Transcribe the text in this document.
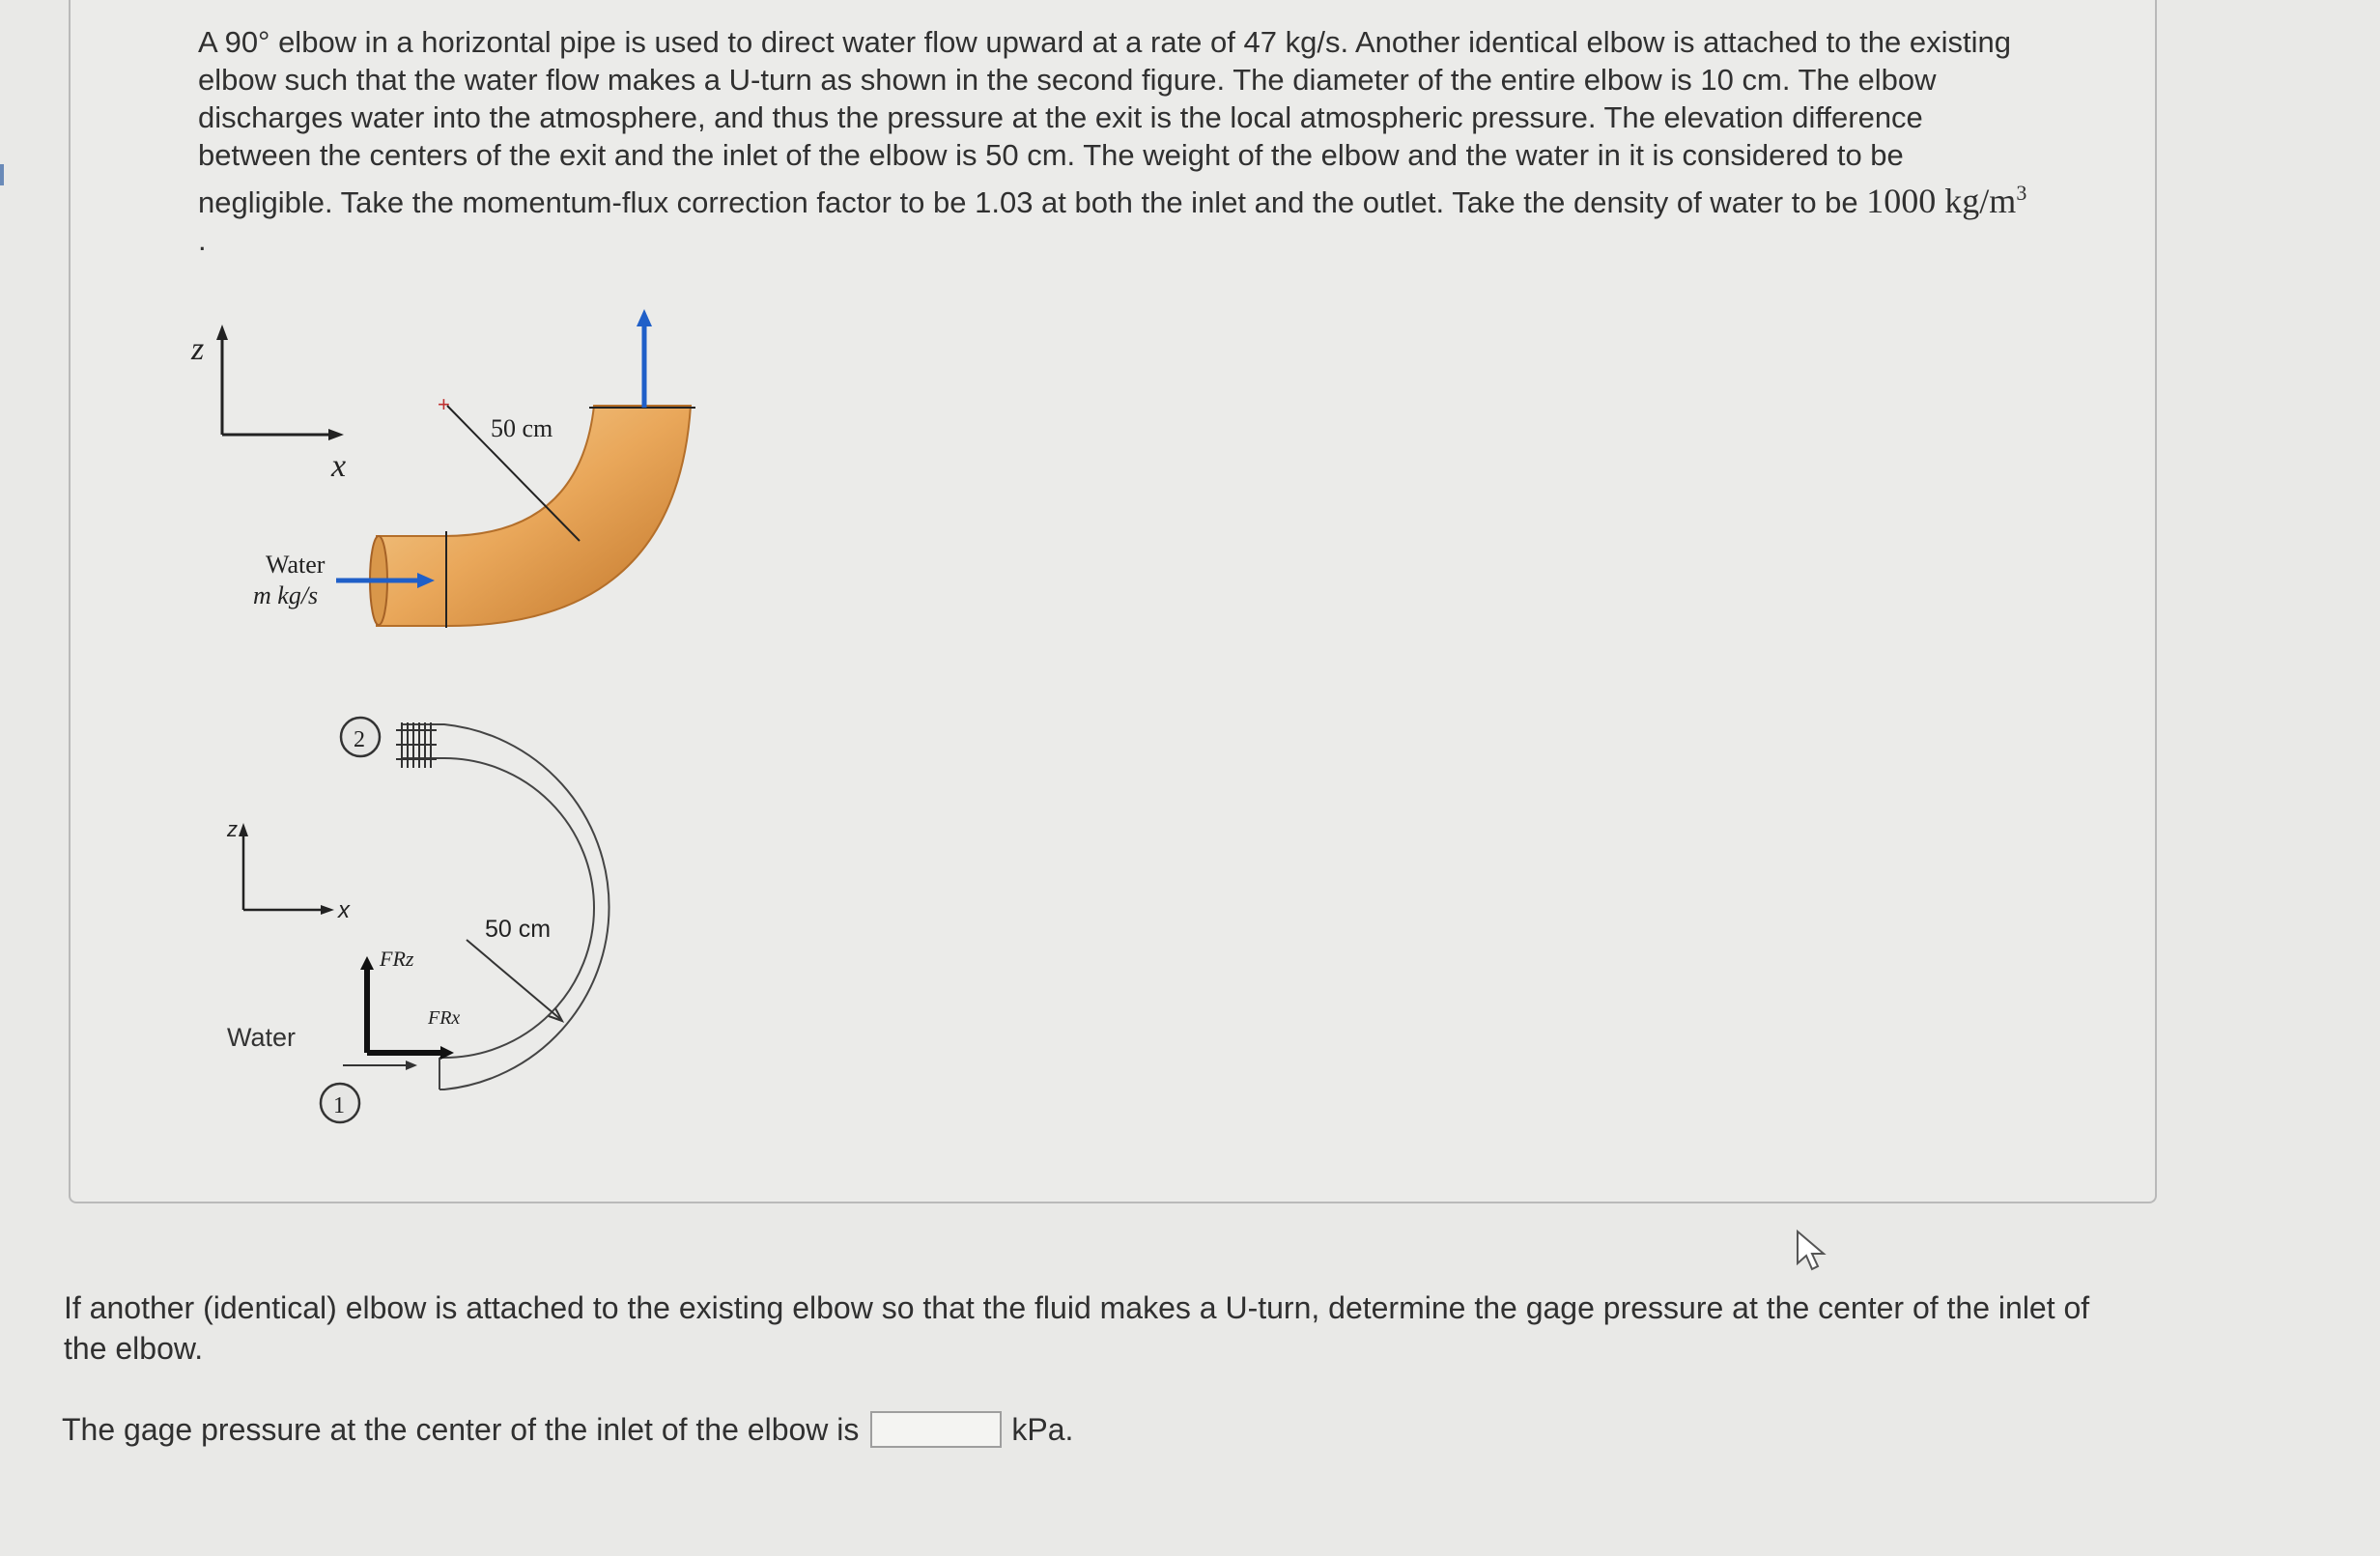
A 90° elbow in a horizontal pipe is used to direct water flow upward at a rate of 47 kg/s. Another identical elbow is attached to the existing elbow such that the water flow makes a U-turn as shown in the second figure. The diameter of the entire elbow is 10 cm. The elbow discharges water into the atmosphere, and thus the pressure at the exit is the local atmospheric pressure. The elevation difference between the centers of the exit and the inlet of the elbow is 50 cm. The weight of the elbow and the water in it is considered to be negligible. Take the momentum-flux correction factor to be 1.03 at both the inlet and the outlet. Take the density of water to be 1000 $kg/m^3$ .
z
x
+
50 cm
Water
m kg/s
z
x
2
1
50 cm
FRz
FRx
Water
If another (identical) elbow is attached to the existing elbow so that the fluid makes a U-turn, determine the gage pressure at the center of the inlet of the elbow.
The gage pressure at the center of the inlet of the elbow is	kPa.
